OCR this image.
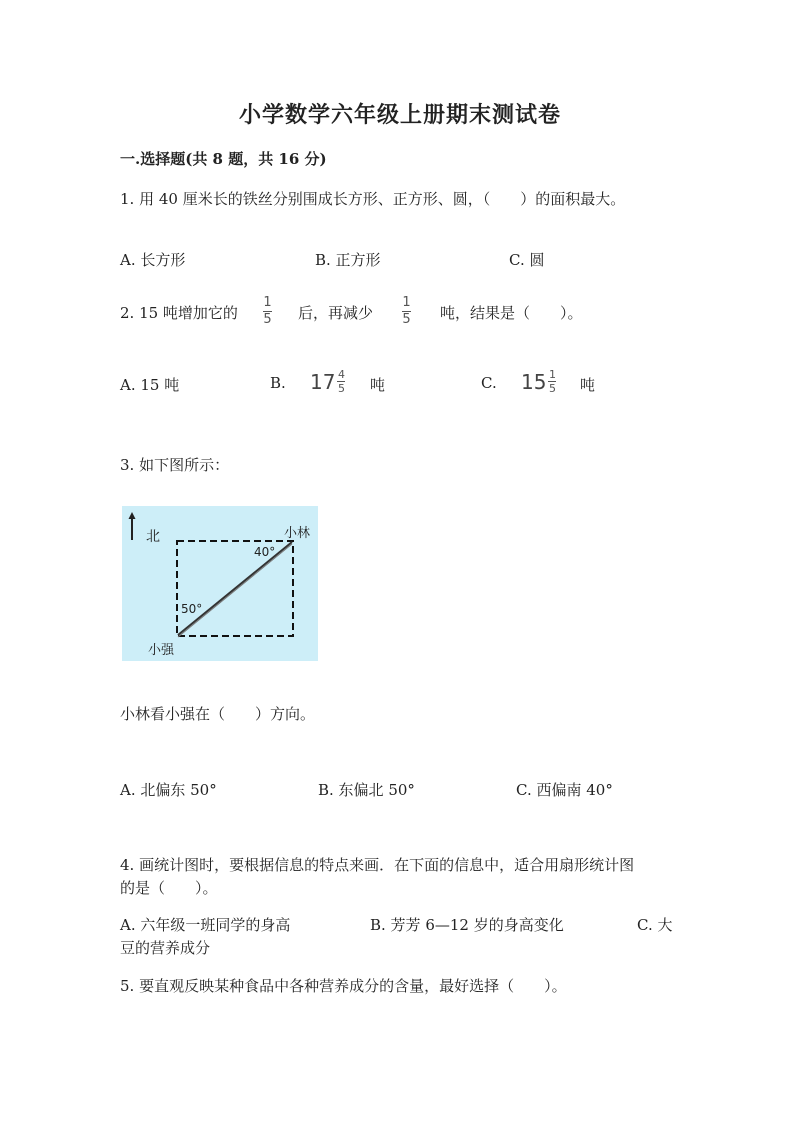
小学数学六年级上册期末测试卷
一.选择题(共 8 题，共 16 分)
1. 用 40 厘米长的铁丝分别围成长方形、正方形、圆，（　　）的面积最大。
A. 长方形	B. 正方形	C. 圆
2. 15 吨增加它的
1
5 后，再减少
1
5 吨，结果是（　　）。
A. 15 吨	B. $17 \frac{4}{5}$ 吨	C. $15 \frac{1}{5}$ 吨
3. 如下图所示：
北	小林
40°
50°
小强
小林看小强在（　　）方向。
A. 北偏东 50°	B. 东偏北 50°	C. 西偏南 40°
4. 画统计图时，要根据信息的特点来画．在下面的信息中，适合用扇形统计图
的是（　　）。
A. 六年级一班同学的身高	B. 芳芳 6—12 岁的身高变化	C. 大
豆的营养成分
5. 要直观反映某种食品中各种营养成分的含量，最好选择（　　）。
